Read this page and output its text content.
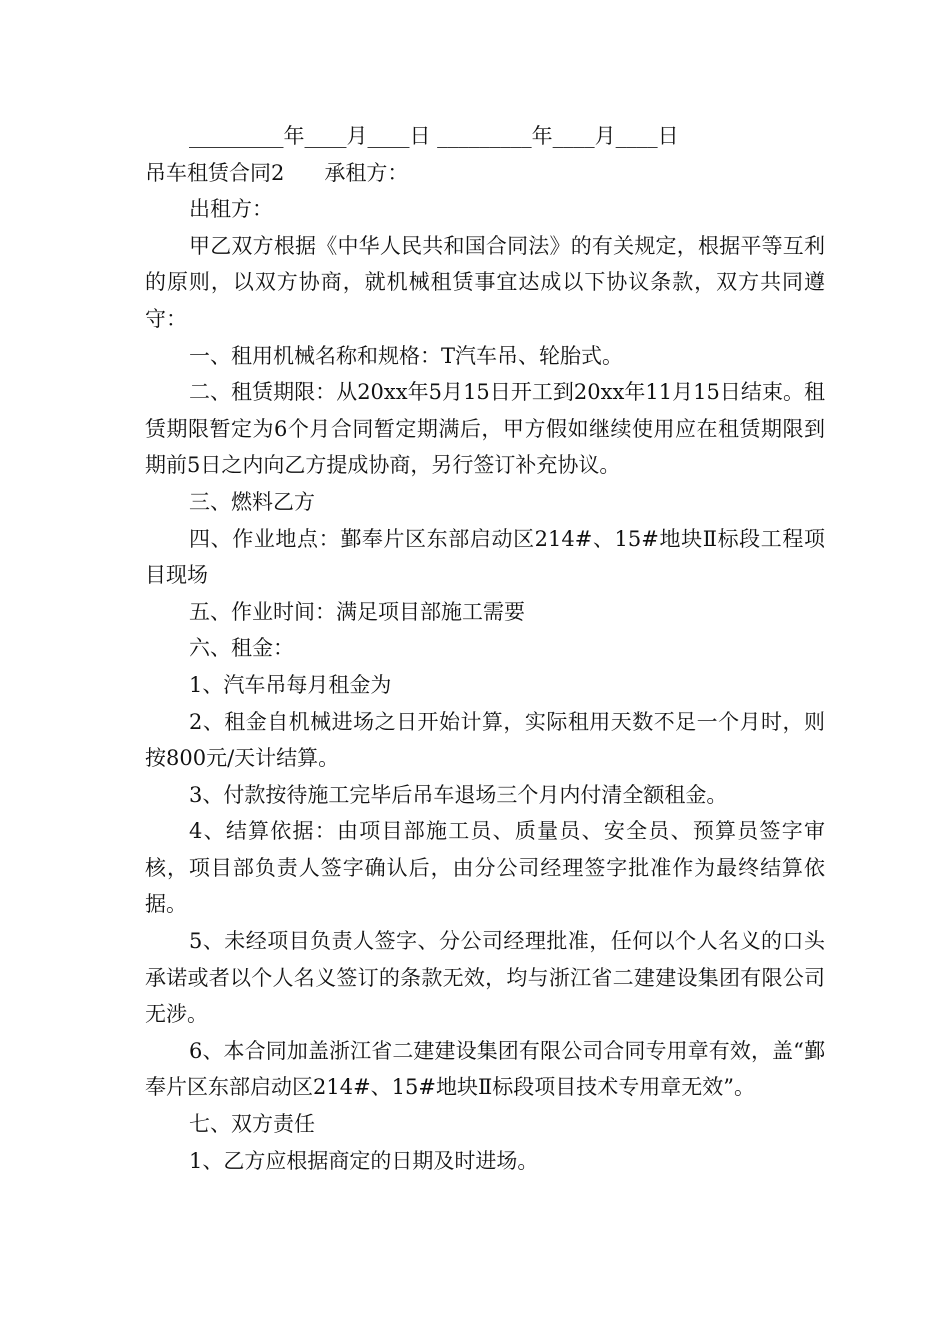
_________年____月____日 _________年____月____日
吊车租赁合同2 承租方：
出租方：

甲乙双方根据《中华人民共和国合同法》的有关规定，根据平等互利的原则，以双方协商，就机械租赁事宜达成以下协议条款，双方共同遵守：

一、租用机械名称和规格：T汽车吊、轮胎式。

二、租赁期限：从20xx年5月15日开工到20xx年11月15日结束。租赁期限暂定为6个月合同暂定期满后，甲方假如继续使用应在租赁期限到期前5日之内向乙方提成协商，另行签订补充协议。

三、燃料乙方

四、作业地点：鄞奉片区东部启动区214#、15#地块Ⅱ标段工程项目现场

五、作业时间：满足项目部施工需要

六、租金：

1、汽车吊每月租金为

2、租金自机械进场之日开始计算，实际租用天数不足一个月时，则按800元/天计结算。

3、付款按待施工完毕后吊车退场三个月内付清全额租金。

4、结算依据：由项目部施工员、质量员、安全员、预算员签字审核，项目部负责人签字确认后，由分公司经理签字批准作为最终结算依据。

5、未经项目负责人签字、分公司经理批准，任何以个人名义的口头承诺或者以个人名义签订的条款无效，均与浙江省二建建设集团有限公司无涉。

6、本合同加盖浙江省二建建设集团有限公司合同专用章有效，盖“鄞奉片区东部启动区214#、15#地块Ⅱ标段项目技术专用章无效”。

七、双方责任

1、乙方应根据商定的日期及时进场。
